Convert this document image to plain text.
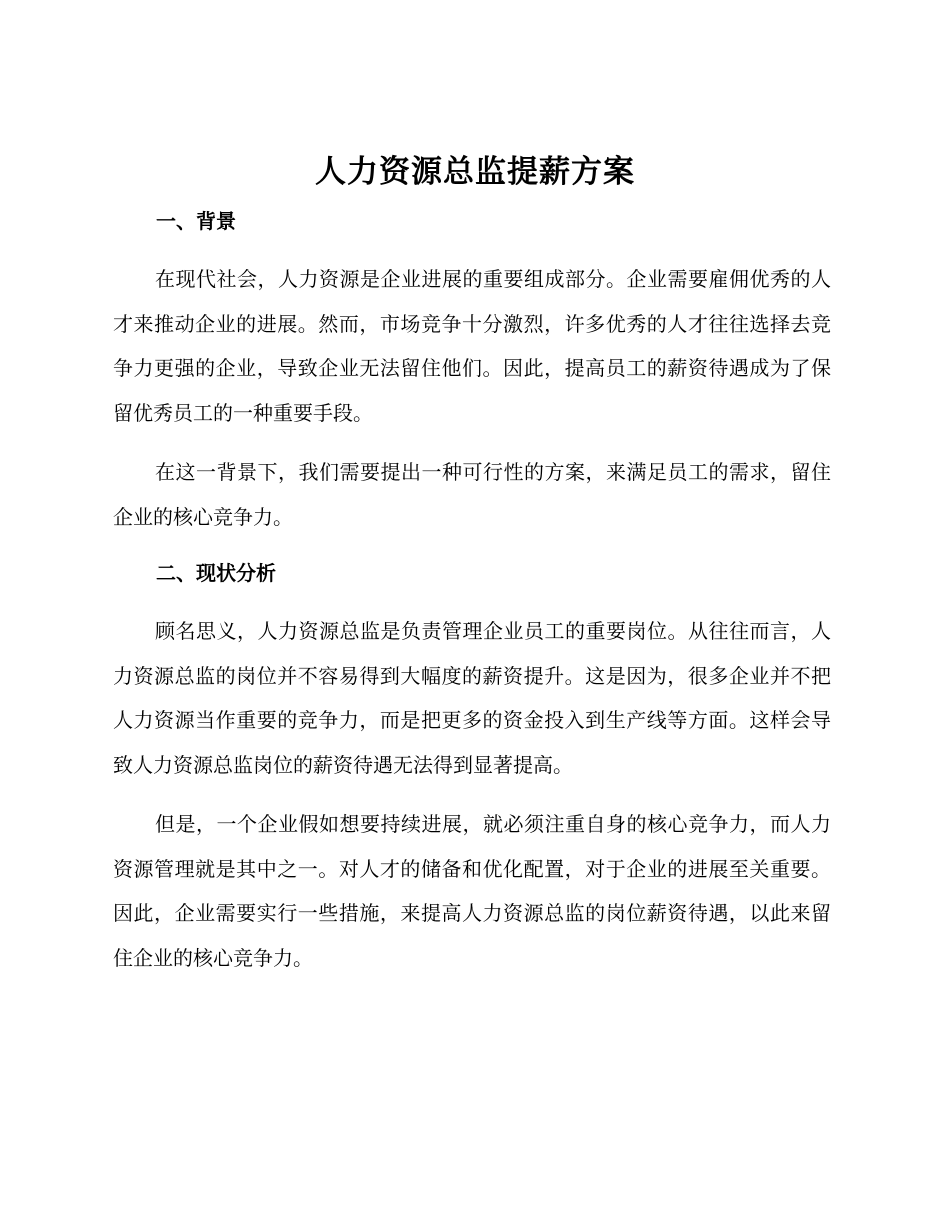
人力资源总监提薪方案
一、背景

在现代社会，人力资源是企业进展的重要组成部分。企业需要雇佣优秀的人才来推动企业的进展。然而，市场竞争十分激烈，许多优秀的人才往往选择去竞争力更强的企业，导致企业无法留住他们。因此，提高员工的薪资待遇成为了保留优秀员工的一种重要手段。

在这一背景下，我们需要提出一种可行性的方案，来满足员工的需求，留住企业的核心竞争力。

二、现状分析

顾名思义，人力资源总监是负责管理企业员工的重要岗位。从往往而言，人力资源总监的岗位并不容易得到大幅度的薪资提升。这是因为，很多企业并不把人力资源当作重要的竞争力，而是把更多的资金投入到生产线等方面。这样会导致人力资源总监岗位的薪资待遇无法得到显著提高。

但是，一个企业假如想要持续进展，就必须注重自身的核心竞争力，而人力资源管理就是其中之一。对人才的储备和优化配置，对于企业的进展至关重要。因此，企业需要实行一些措施，来提高人力资源总监的岗位薪资待遇，以此来留住企业的核心竞争力。
